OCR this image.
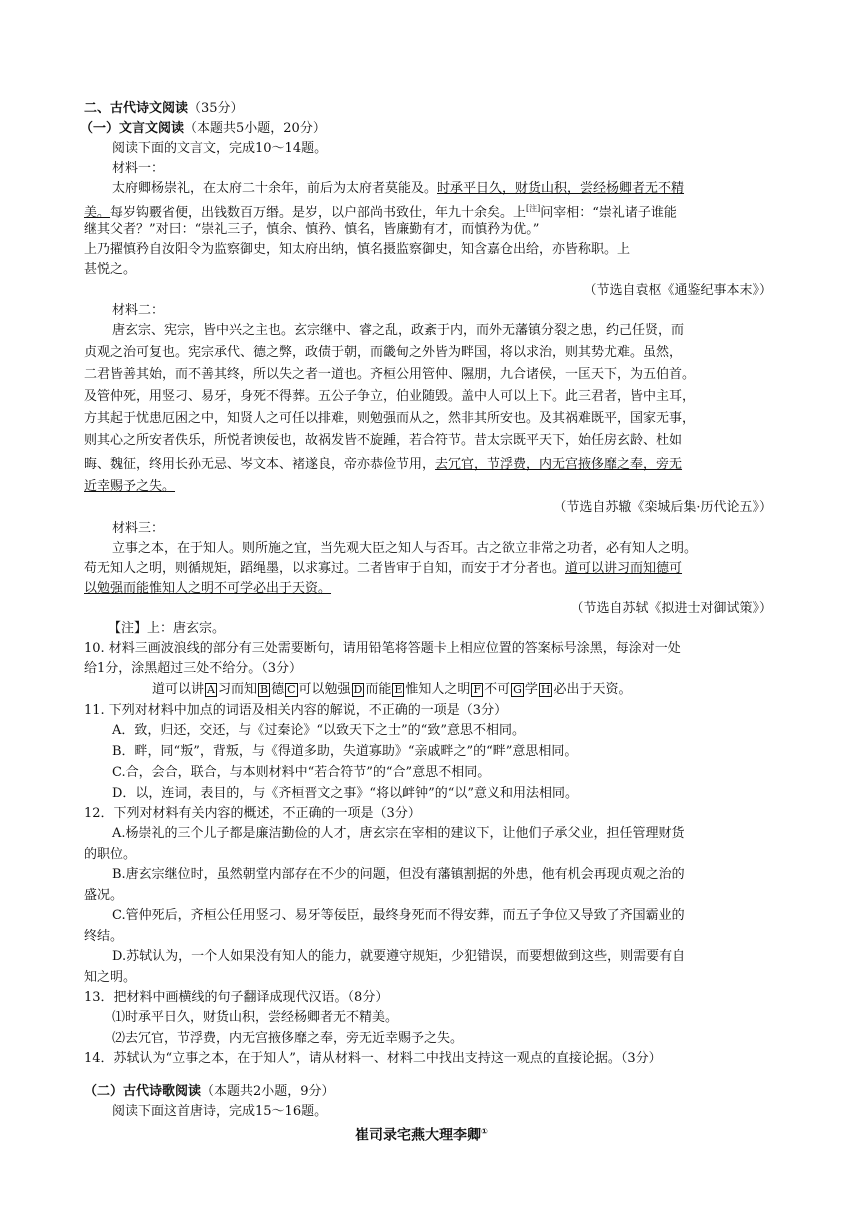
二、古代诗文阅读（35分）
（一）文言文阅读（本题共5小题，20分）
阅读下面的文言文，完成10～14题。
材料一：
太府卿杨崇礼，在太府二十余年，前后为太府者莫能及。时承平日久，财货山积，尝经杨卿者无不精
美。每岁钩覈省便，出钱数百万缗。是岁，以户部尚书致仕，年九十余矣。上[注]问宰相：“崇礼诸子谁能
继其父者？”对曰：“崇礼三子，慎余、慎矜、慎名，皆廉勤有才，而慎矜为优。”
上乃擢慎矜自汝阳令为监察御史，知太府出纳，慎名摄监察御史，知含嘉仓出给，亦皆称职。上
甚悦之。
（节选自袁枢《通鉴纪事本末》）
材料二：
唐玄宗、宪宗，皆中兴之主也。玄宗继中、睿之乱，政紊于内，而外无藩镇分裂之患，约己任贤，而
贞观之治可复也。宪宗承代、德之弊，政债于朝，而畿甸之外皆为畔国，将以求治，则其势尤难。虽然，
二君皆善其始，而不善其终，所以失之者一道也。齐桓公用管仲、隰朋，九合诸侯，一匡天下，为五伯首。
及管仲死，用竖刁、易牙，身死不得葬。五公子争立，伯业随毁。盖中人可以上下。此三君者，皆中主耳，
方其起于忧患厄困之中，知贤人之可任以排难，则勉强而从之，然非其所安也。及其祸难既平，国家无事，
则其心之所安者佚乐，所悦者谀佞也，故祸发皆不旋踵，若合符节。昔太宗既平天下，始任房玄龄、杜如
晦、魏征，终用长孙无忌、岑文本、褚遂良，帝亦恭俭节用，去冗官，节浮费，内无宫掖侈靡之奉，旁无
近幸赐予之失。
（节选自苏辙《栾城后集·历代论五》）
材料三：
立事之本，在于知人。则所施之宜，当先观大臣之知人与否耳。古之欲立非常之功者，必有知人之明。
苟无知人之明，则循规矩，蹈绳墨，以求寡过。二者皆审于自知，而安于才分者也。道可以讲习而知德可
以勉强而能惟知人之明不可学必出于天资。
（节选自苏轼《拟进士对御试策》）
【注】上：唐玄宗。
10. 材料三画波浪线的部分有三处需要断句，请用铅笔将答题卡上相应位置的答案标号涂黑，每涂对一处
给1分，涂黑超过三处不给分。（3分）
道可以讲 A 习而知 B 德 C 可以勉强 D 而能 E 惟知人之明 F 不可 G 学 H 必出于天资。
11. 下列对材料中加点的词语及相关内容的解说，不正确的一项是（3分）
A．致，归还，交还，与《过秦论》“以致天下之士”的“致”意思不相同。
B．畔，同“叛”，背叛，与《得道多助，失道寡助》“亲戚畔之”的“畔”意思相同。
C.合，会合，联合，与本则材料中“若合符节”的“合”意思不相同。
D．以，连词，表目的，与《齐桓晋文之事》“将以衅钟”的“以”意义和用法相同。
12．下列对材料有关内容的概述，不正确的一项是（3分）
A.杨崇礼的三个儿子都是廉洁勤俭的人才，唐玄宗在宰相的建议下，让他们子承父业，担任管理财货
的职位。
B.唐玄宗继位时，虽然朝堂内部存在不少的问题，但没有藩镇割据的外患，他有机会再现贞观之治的
盛况。
C.管仲死后，齐桓公任用竖刁、易牙等佞臣，最终身死而不得安葬，而五子争位又导致了齐国霸业的
终结。
D.苏轼认为，一个人如果没有知人的能力，就要遵守规矩，少犯错误，而要想做到这些，则需要有自
知之明。
13．把材料中画横线的句子翻译成现代汉语。（8分）
⑴时承平日久，财货山积，尝经杨卿者无不精美。
⑵去冗官，节浮费，内无宫掖侈靡之奉，旁无近幸赐予之失。
14．苏轼认为“立事之本，在于知人”，请从材料一、材料二中找出支持这一观点的直接论据。（3分）
（二）古代诗歌阅读（本题共2小题，9分）
阅读下面这首唐诗，完成15～16题。
崔司录宅燕大理李卿①
